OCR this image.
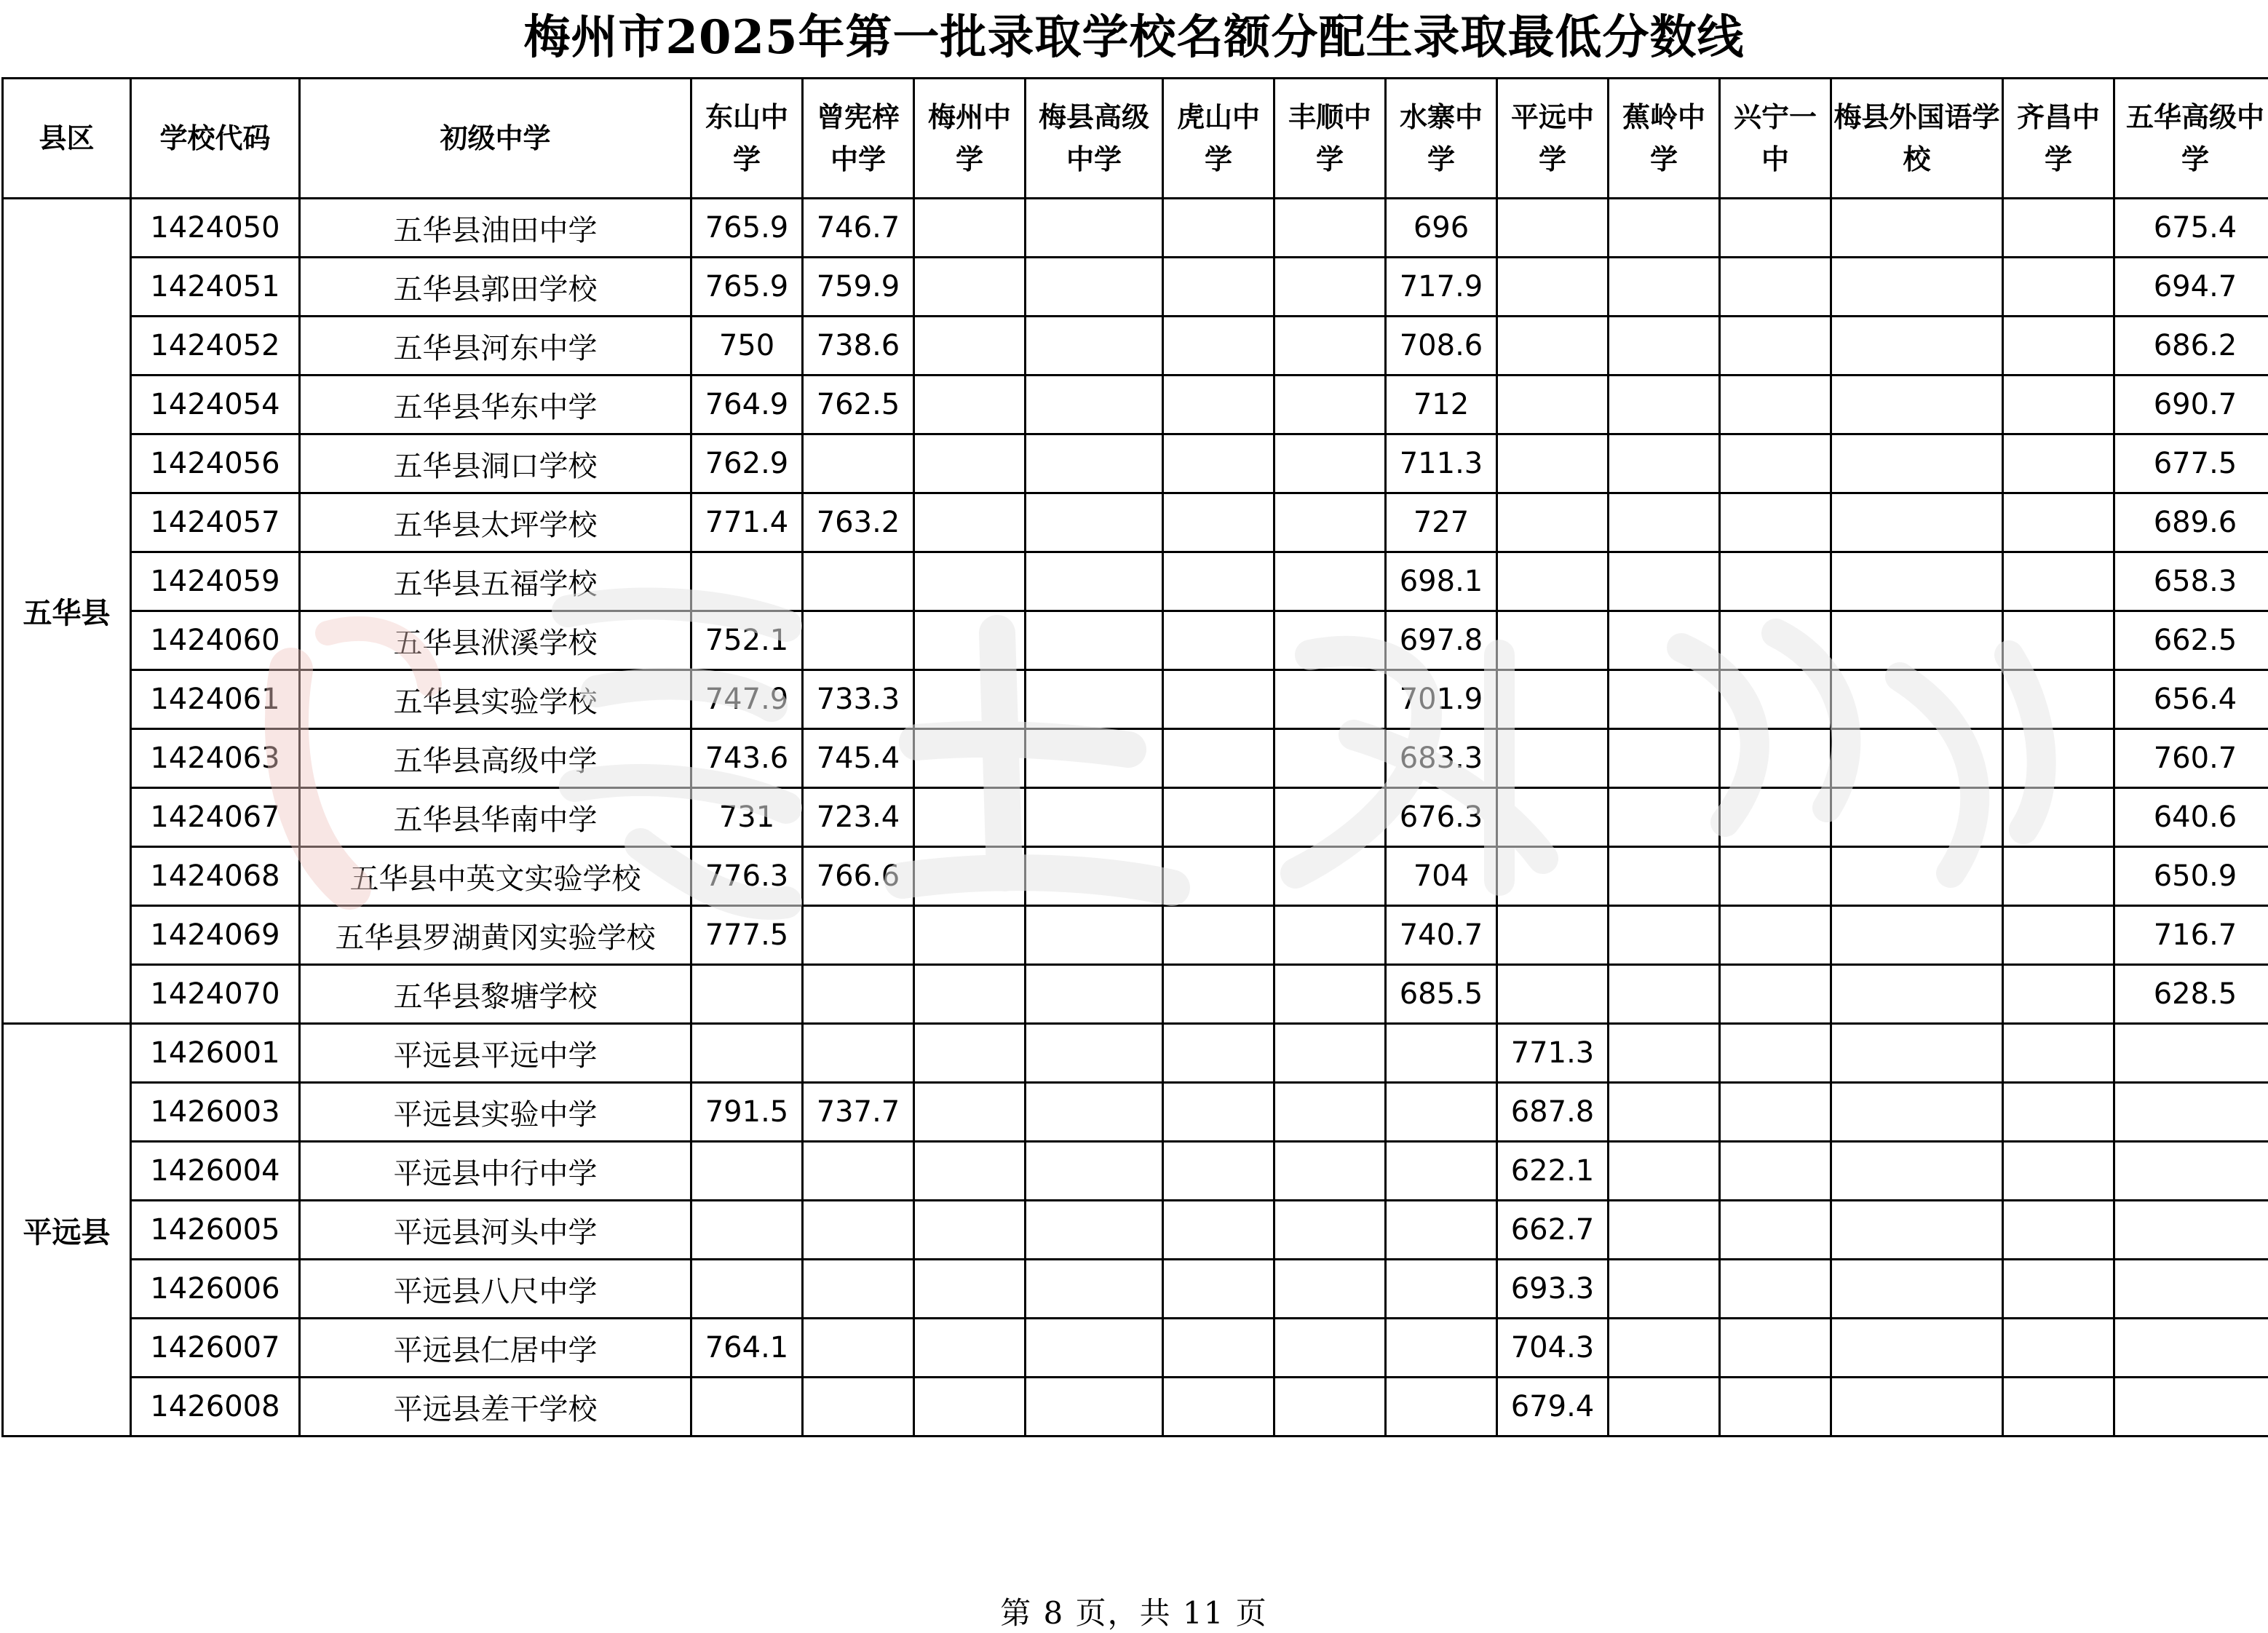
梅州市2025年第一批录取学校名额分配生录取最低分数线
县区	学校代码	初级中学	东山中学	曾宪梓中学	梅州中学	梅县高级中学	虎山中学	丰顺中学	水寨中学	平远中学	蕉岭中学	兴宁一中	梅县外国语学校	齐昌中学	五华高级中学
五华县	1424050	五华县油田中学	765.9	746.7					696						675.4
	1424051	五华县郭田学校	765.9	759.9					717.9						694.7
	1424052	五华县河东中学	750	738.6					708.6						686.2
	1424054	五华县华东中学	764.9	762.5					712						690.7
	1424056	五华县洞口学校	762.9						711.3						677.5
	1424057	五华县太坪学校	771.4	763.2					727						689.6
	1424059	五华县五福学校							698.1						658.3
	1424060	五华县洑溪学校	752.1						697.8						662.5
	1424061	五华县实验学校	747.9	733.3					701.9						656.4
	1424063	五华县高级中学	743.6	745.4					683.3						760.7
	1424067	五华县华南中学	731	723.4					676.3						640.6
	1424068	五华县中英文实验学校	776.3	766.6					704						650.9
	1424069	五华县罗湖黄冈实验学校	777.5						740.7						716.7
	1424070	五华县黎塘学校							685.5						628.5
平远县	1426001	平远县平远中学								771.3					
	1426003	平远县实验中学	791.5	737.7						687.8					
	1426004	平远县中行中学								622.1					
	1426005	平远县河头中学								662.7					
	1426006	平远县八尺中学								693.3					
	1426007	平远县仁居中学	764.1							704.3					
	1426008	平远县差干学校								679.4					
第 8 页，共 11 页
